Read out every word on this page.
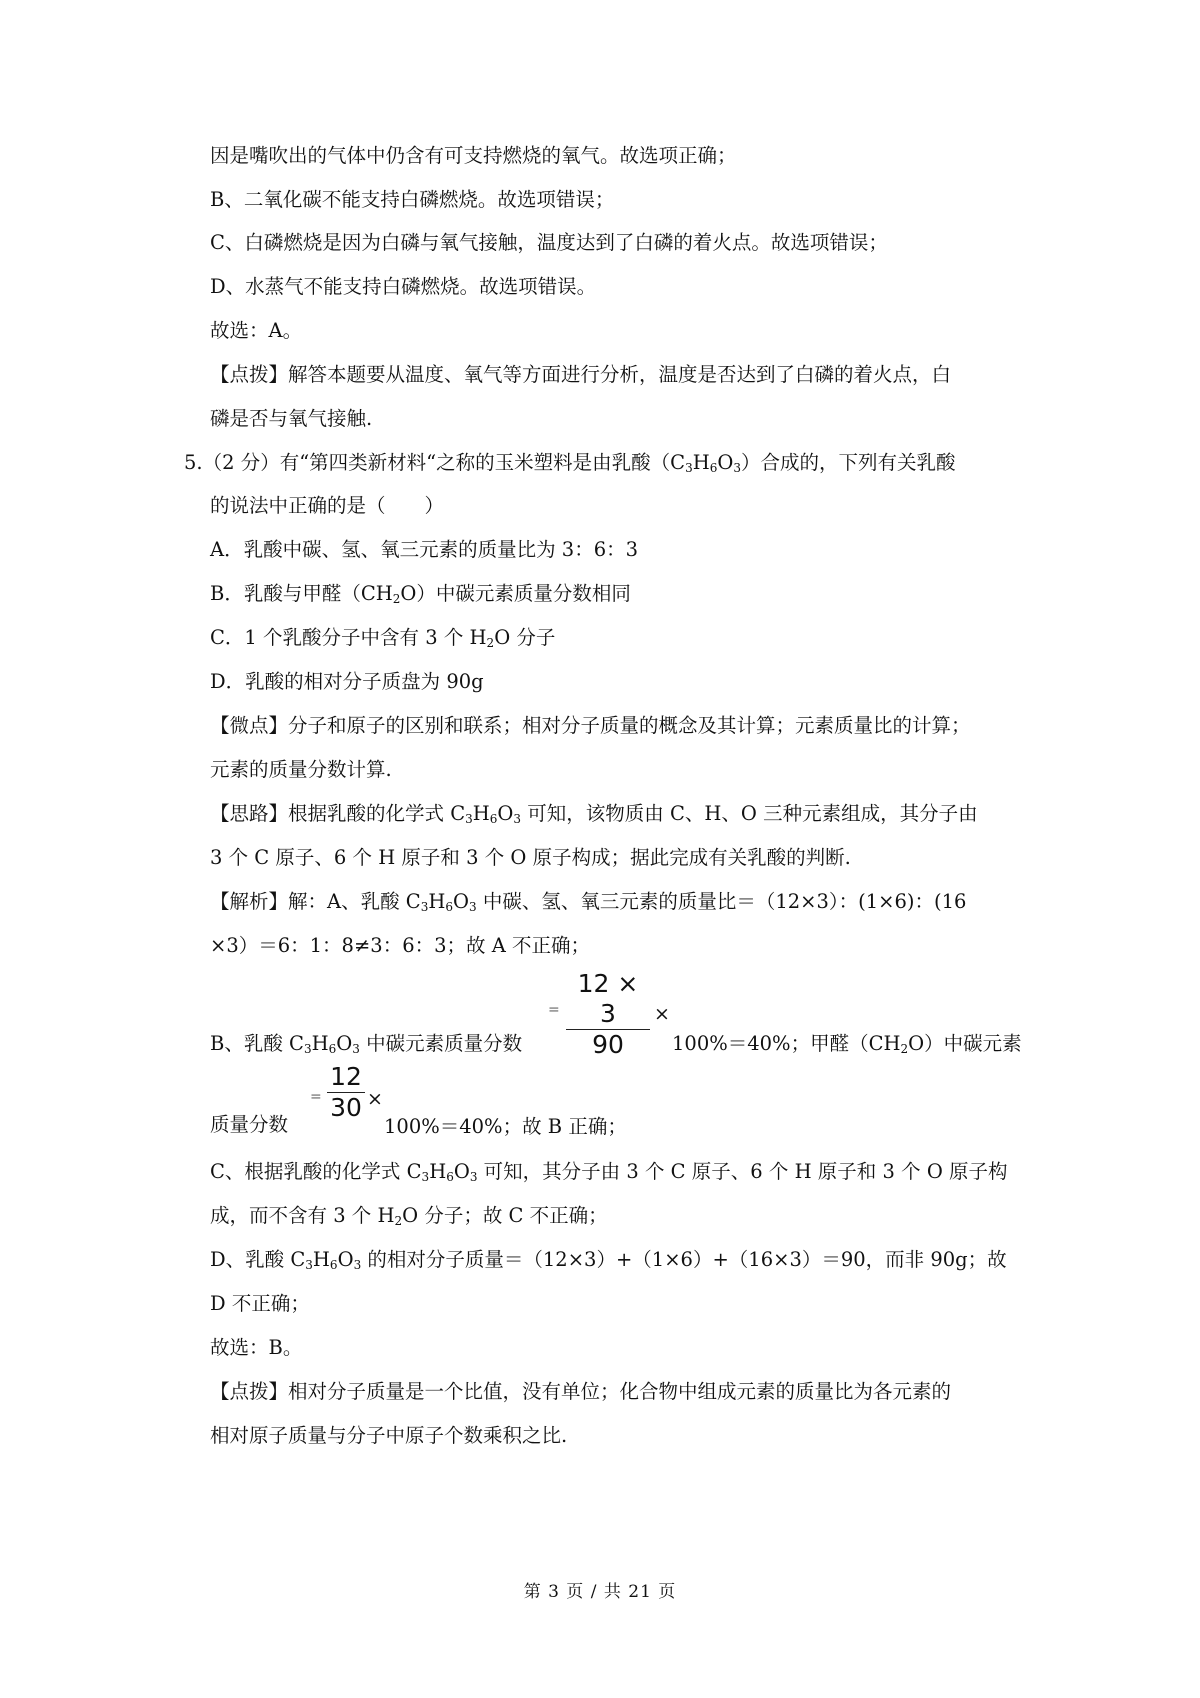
因是嘴吹出的气体中仍含有可支持燃烧的氧气。故选项正确；
B、二氧化碳不能支持白磷燃烧。故选项错误；
C、白磷燃烧是因为白磷与氧气接触，温度达到了白磷的着火点。故选项错误；
D、水蒸气不能支持白磷燃烧。故选项错误。
故选：A。
【点拨】解答本题要从温度、氧气等方面进行分析，温度是否达到了白磷的着火点，白
磷是否与氧气接触.
5.（2 分）有“第四类新材料“之称的玉米塑料是由乳酸$(C_3H_6O_3)$合成的，下列有关乳酸
的说法中正确的是（　　）
A．乳酸中碳、氢、氧三元素的质量比为 3：6：3
B．乳酸与甲醛$(CH_2O)$中碳元素质量分数相同
C．1 个乳酸分子中含有 3 个 $H_2O$ 分子
D．乳酸的相对分子质盘为 90g
【微点】分子和原子的区别和联系；相对分子质量的概念及其计算；元素质量比的计算；
元素的质量分数计算.
【思路】根据乳酸的化学式 $C_3H_6O_3$ 可知，该物质由 C、H、O 三种元素组成，其分子由
3 个 C 原子、6 个 H 原子和 3 个 O 原子构成；据此完成有关乳酸的判断.
【解析】解：A、乳酸 $C_3H_6O_3$ 中碳、氢、氧三元素的质量比＝（12×3）：(1×6)：(16
×3）＝6：1：8≠3：6：3；故 A 不正确；
=
12 × 3
90
×
B、乳酸 $C_3H_6O_3$ 中碳元素质量分数	100%＝40%；甲醛$(CH_2O)$中碳元素
=
12
30 ×
质量分数	100%＝40%；故 B 正确；
C、根据乳酸的化学式 $C_3H_6O_3$ 可知，其分子由 3 个 C 原子、6 个 H 原子和 3 个 O 原子构
成，而不含有 3 个 $H_2O$ 分子；故 C 不正确；
D、乳酸 $C_3H_6O_3$ 的相对分子质量＝（12×3）+（1×6）+（16×3）＝90，而非 90g；故
D 不正确；
故选：B。
【点拨】相对分子质量是一个比值，没有单位；化合物中组成元素的质量比为各元素的
相对原子质量与分子中原子个数乘积之比.
第 3 页 / 共 21 页
